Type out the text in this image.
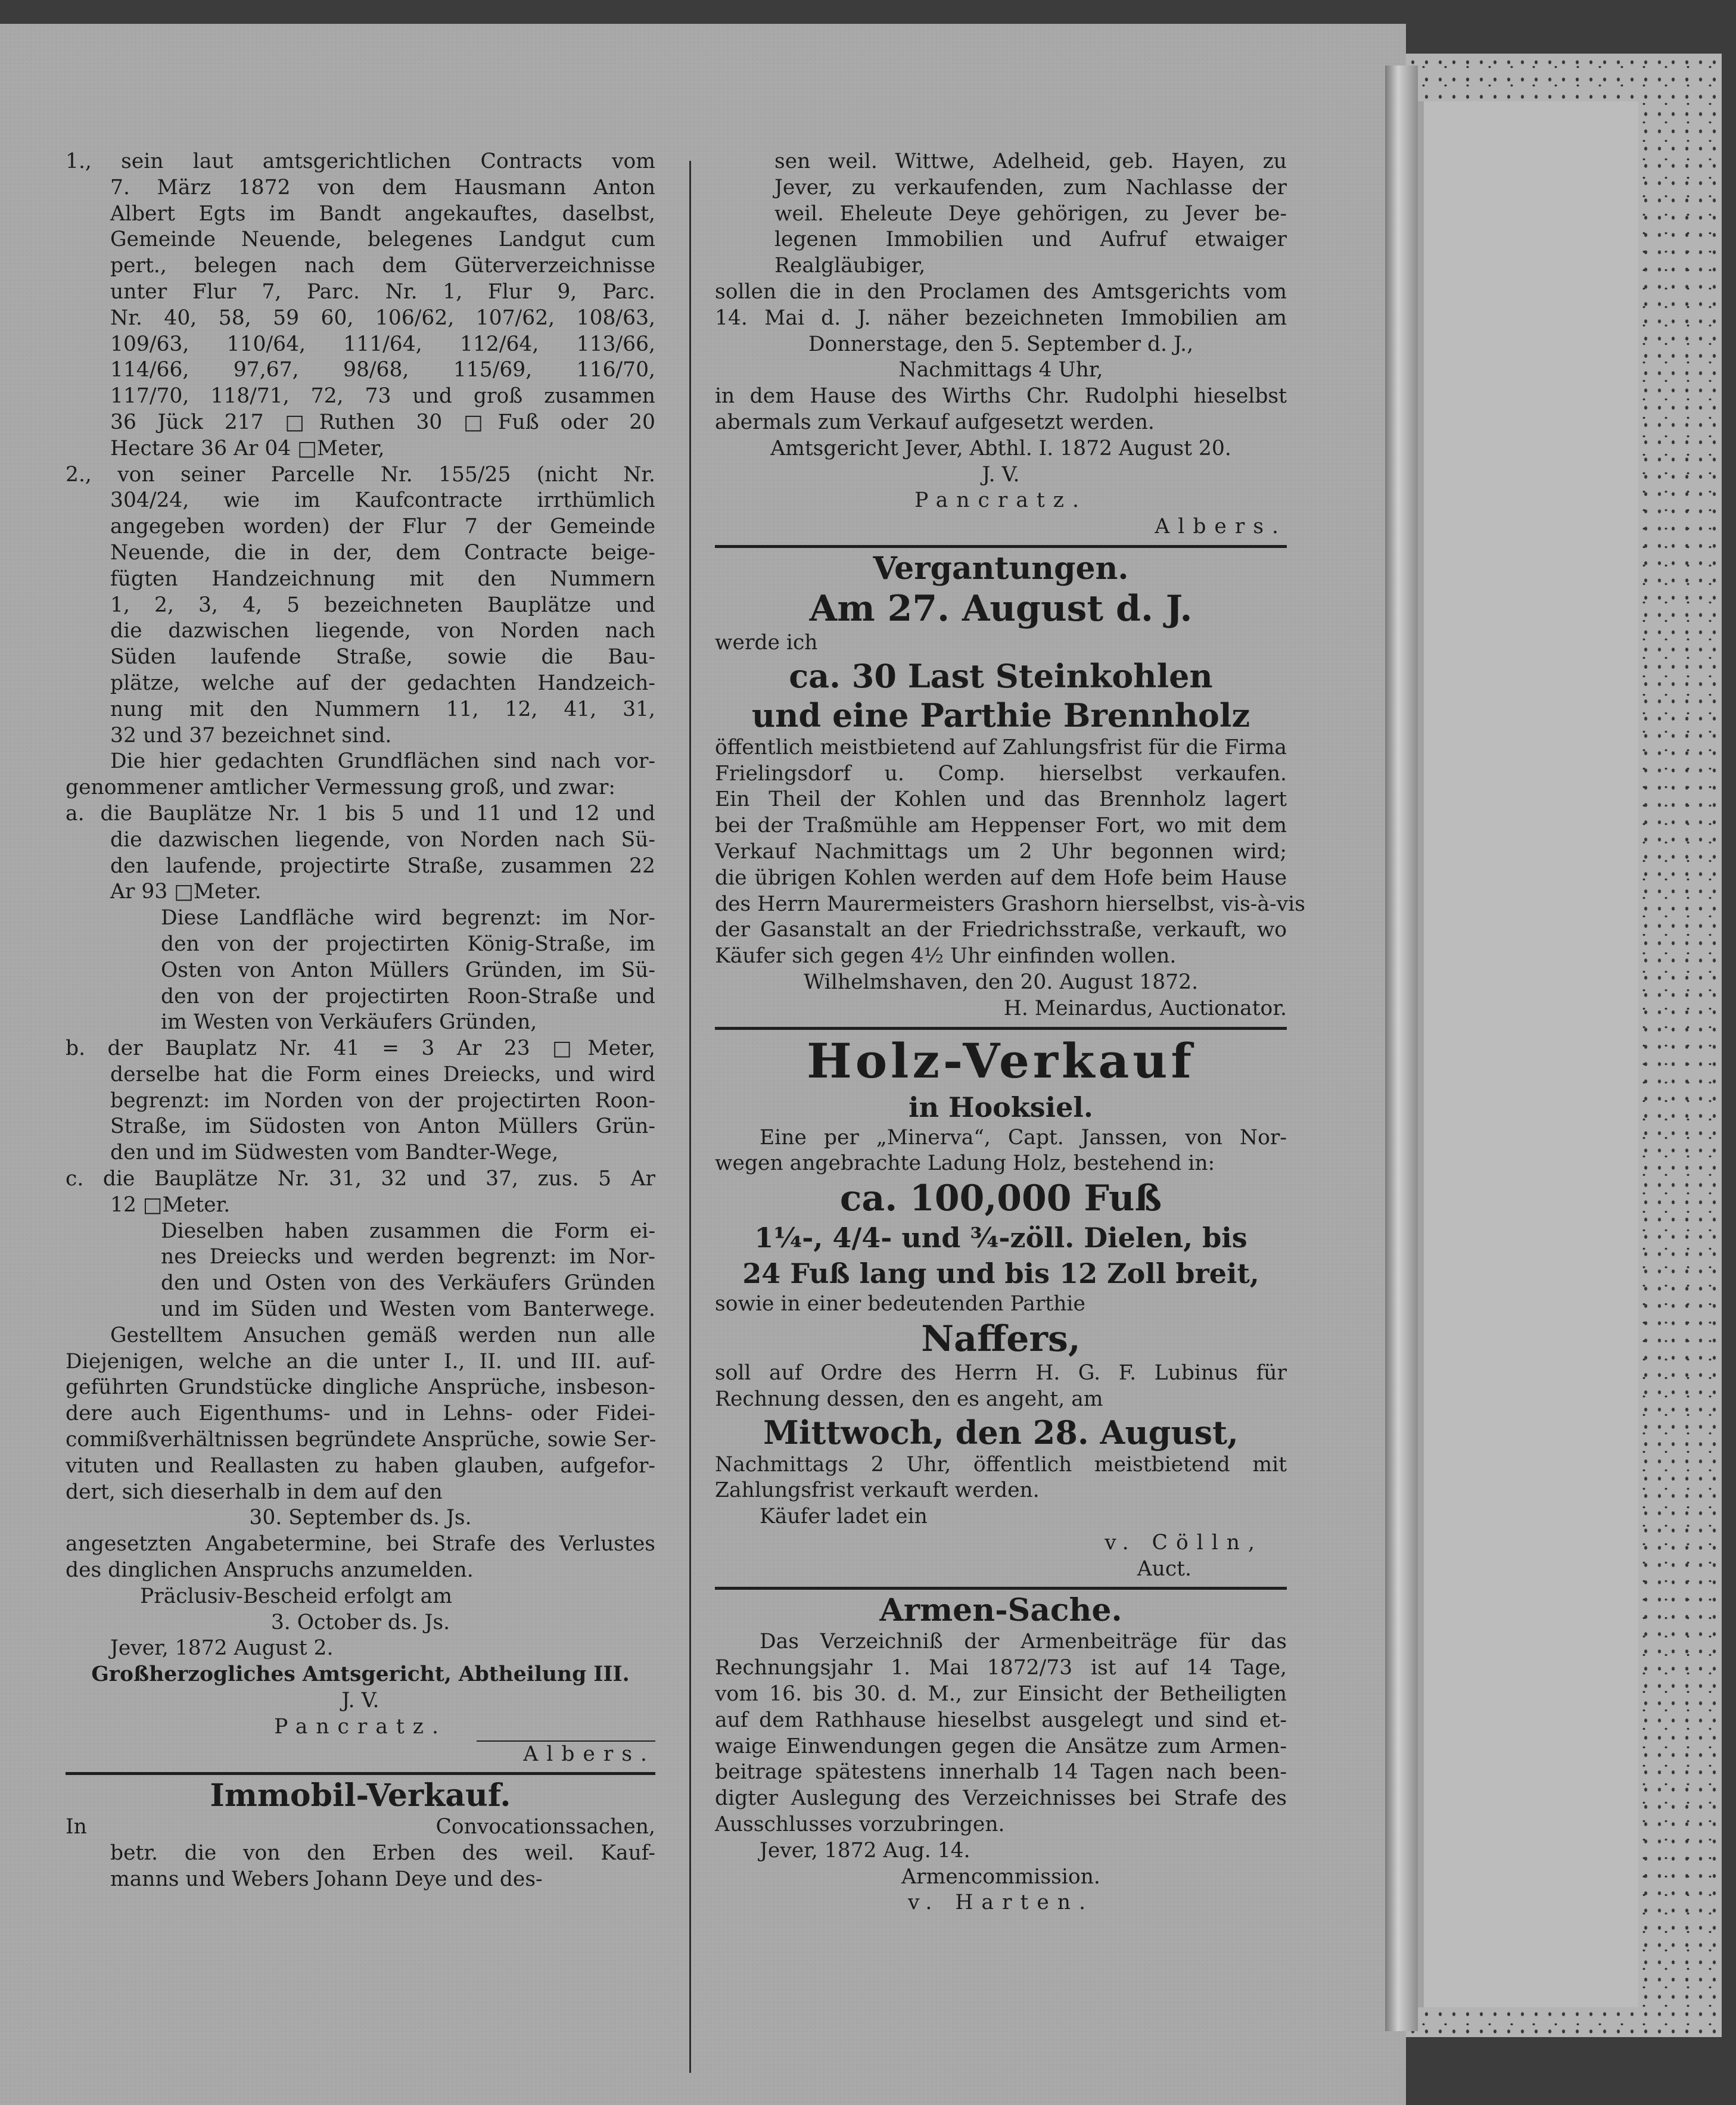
1., sein laut amtsgerichtlichen Contracts vom
7. März 1872 von dem Hausmann Anton
Albert Egts im Bandt angekauftes, daselbst,
Gemeinde Neuende, belegenes Landgut cum
pert., belegen nach dem Güterverzeichnisse
unter Flur 7, Parc. Nr. 1, Flur 9, Parc.
Nr. 40, 58, 59 60, 106/62, 107/62, 108/63,
109/63, 110/64, 111/64, 112/64, 113/66,
114/66, 97,67, 98/68, 115/69, 116/70,
117/70, 118/71, 72, 73 und groß zusammen
36 Jück 217 □Ruthen 30 □Fuß oder 20
Hectare 36 Ar 04 □Meter,
2., von seiner Parcelle Nr. 155/25 (nicht Nr.
304/24, wie im Kaufcontracte irrthümlich
angegeben worden) der Flur 7 der Gemeinde
Neuende, die in der, dem Contracte beige-
fügten Handzeichnung mit den Nummern
1, 2, 3, 4, 5 bezeichneten Bauplätze und
die dazwischen liegende, von Norden nach
Süden laufende Straße, sowie die Bau-
plätze, welche auf der gedachten Handzeich-
nung mit den Nummern 11, 12, 41, 31,
32 und 37 bezeichnet sind.
Die hier gedachten Grundflächen sind nach vor-
genommener amtlicher Vermessung groß, und zwar:
a. die Bauplätze Nr. 1 bis 5 und 11 und 12 und
die dazwischen liegende, von Norden nach Sü-
den laufende, projectirte Straße, zusammen 22
Ar 93 □Meter.
Diese Landfläche wird begrenzt: im Nor-
den von der projectirten König-Straße, im
Osten von Anton Müllers Gründen, im Sü-
den von der projectirten Roon-Straße und
im Westen von Verkäufers Gründen,
b. der Bauplatz Nr. 41 = 3 Ar 23 □Meter,
derselbe hat die Form eines Dreiecks, und wird
begrenzt: im Norden von der projectirten Roon-
Straße, im Südosten von Anton Müllers Grün-
den und im Südwesten vom Bandter-Wege,
c. die Bauplätze Nr. 31, 32 und 37, zus. 5 Ar
12 □Meter.
Dieselben haben zusammen die Form ei-
nes Dreiecks und werden begrenzt: im Nor-
den und Osten von des Verkäufers Gründen
und im Süden und Westen vom Banterwege.
Gestelltem Ansuchen gemäß werden nun alle
Diejenigen, welche an die unter I., II. und III. auf-
geführten Grundstücke dingliche Ansprüche, insbeson-
dere auch Eigenthums- und in Lehns- oder Fidei-
commißverhältnissen begründete Ansprüche, sowie Ser-
vituten und Reallasten zu haben glauben, aufgefor-
dert, sich dieserhalb in dem auf den
30. September ds. Js.
angesetzten Angabetermine, bei Strafe des Verlustes
des dinglichen Anspruchs anzumelden.
Präclusiv-Bescheid erfolgt am
3. October ds. Js.
Jever, 1872 August 2.
Großherzogliches Amtsgericht, Abtheilung III.
J. V.
Pancratz.
Albers.
Immobil-Verkauf.
In Convocationssachen,
betr. die von den Erben des weil. Kauf-
manns und Webers Johann Deye und des-
sen weil. Wittwe, Adelheid, geb. Hayen, zu
Jever, zu verkaufenden, zum Nachlasse der
weil. Eheleute Deye gehörigen, zu Jever be-
legenen Immobilien und Aufruf etwaiger
Realgläubiger,
sollen die in den Proclamen des Amtsgerichts vom
14. Mai d. J. näher bezeichneten Immobilien am
Donnerstage, den 5. September d. J.,
Nachmittags 4 Uhr,
in dem Hause des Wirths Chr. Rudolphi hieselbst
abermals zum Verkauf aufgesetzt werden.
Amtsgericht Jever, Abthl. I. 1872 August 20.
J. V.
Pancratz.
Albers.
Vergantungen.
Am 27. August d. J.
werde ich
ca. 30 Last Steinkohlen
und eine Parthie Brennholz
öffentlich meistbietend auf Zahlungsfrist für die Firma
Frielingsdorf u. Comp. hierselbst verkaufen.
Ein Theil der Kohlen und das Brennholz lagert
bei der Traßmühle am Heppenser Fort, wo mit dem
Verkauf Nachmittags um 2 Uhr begonnen wird;
die übrigen Kohlen werden auf dem Hofe beim Hause
des Herrn Maurermeisters Grashorn hierselbst, vis-à-vis
der Gasanstalt an der Friedrichsstraße, verkauft, wo
Käufer sich gegen 4½ Uhr einfinden wollen.
Wilhelmshaven, den 20. August 1872.
H. Meinardus, Auctionator.
Holz-Verkauf
in Hooksiel.
Eine per „Minerva“, Capt. Janssen, von Nor-
wegen angebrachte Ladung Holz, bestehend in:
ca. 100,000 Fuß
1¼-, 4/4- und ¾-zöll. Dielen, bis
24 Fuß lang und bis 12 Zoll breit,
sowie in einer bedeutenden Parthie
Naffers,
soll auf Ordre des Herrn H. G. F. Lubinus für
Rechnung dessen, den es angeht, am
Mittwoch, den 28. August,
Nachmittags 2 Uhr, öffentlich meistbietend mit
Zahlungsfrist verkauft werden.
Käufer ladet ein
v. Cölln,
Auct.
Armen-Sache.
Das Verzeichniß der Armenbeiträge für das
Rechnungsjahr 1. Mai 1872/73 ist auf 14 Tage,
vom 16. bis 30. d. M., zur Einsicht der Betheiligten
auf dem Rathhause hieselbst ausgelegt und sind et-
waige Einwendungen gegen die Ansätze zum Armen-
beitrage spätestens innerhalb 14 Tagen nach been-
digter Auslegung des Verzeichnisses bei Strafe des
Ausschlusses vorzubringen.
Jever, 1872 Aug. 14.
Armencommission.
v. Harten.
